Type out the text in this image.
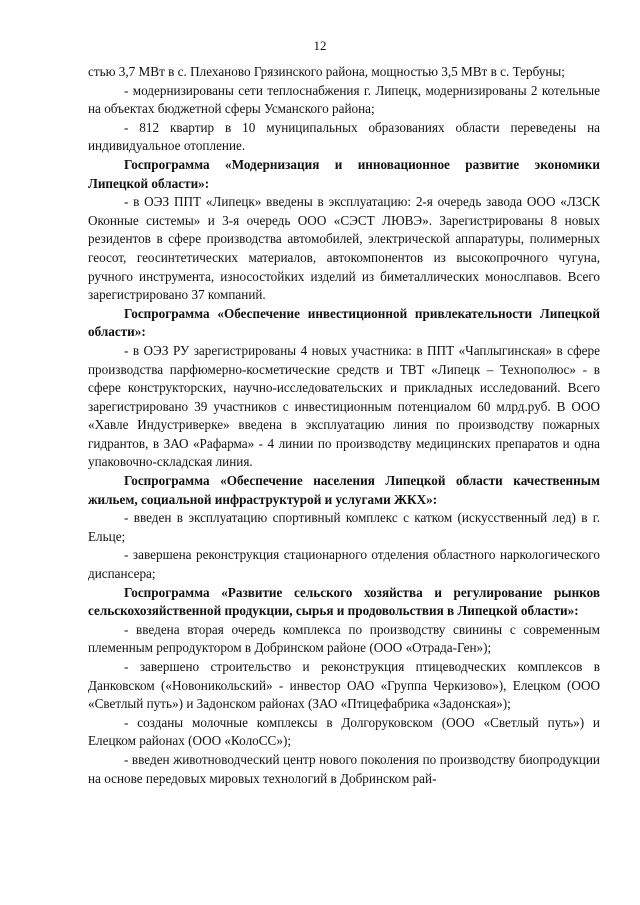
12

стью 3,7 МВт в с. Плеханово Грязинского района, мощностью 3,5 МВт в с. Тербуны;

- модернизированы сети теплоснабжения г. Липецк, модернизированы 2 котельные на объектах бюджетной сферы Усманского района;

- 812 квартир в 10 муниципальных образованиях области переведены на индивидуальное отопление.

Госпрограмма «Модернизация и инновационное развитие экономики Липецкой области»:

- в ОЭЗ ППТ «Липецк» введены в эксплуатацию: 2-я очередь завода ООО «ЛЗСК Оконные системы» и 3-я очередь ООО «СЭСТ ЛЮВЭ». Зарегистрированы 8 новых резидентов в сфере производства автомобилей, электрической аппаратуры, полимерных геосот, геосинтетических материалов, автокомпонентов из высокопрочного чугуна, ручного инструмента, износостойких изделий из биметаллических монослпавов. Всего зарегистрировано 37 компаний.

Госпрограмма «Обеспечение инвестиционной привлекательности Липецкой области»:

- в ОЭЗ РУ зарегистрированы 4 новых участника: в ППТ «Чаплыгинская» в сфере производства парфюмерно-косметические средств и ТВТ «Липецк – Технополюс» - в сфере конструкторских, научно-исследовательских и прикладных исследований. Всего зарегистрировано 39 участников с инвестиционным потенциалом 60 млрд.руб. В ООО «Хавле Индустриверке» введена в эксплуатацию линия по производству пожарных гидрантов, в ЗАО «Рафарма» - 4 линии по производству медицинских препаратов и одна упаковочно-складская линия.

Госпрограмма «Обеспечение населения Липецкой области качественным жильем, социальной инфраструктурой и услугами ЖКХ»:

- введен в эксплуатацию спортивный комплекс с катком (искусственный лед) в г. Ельце;

- завершена реконструкция стационарного отделения областного наркологического диспансера;

Госпрограмма «Развитие сельского хозяйства и регулирование рынков сельскохозяйственной продукции, сырья и продовольствия в Липецкой области»:

- введена вторая очередь комплекса по производству свинины с современным племенным репродуктором в Добринском районе (ООО «Отрада-Ген»);

- завершено строительство и реконструкция птицеводческих комплексов в Данковском («Новоникольский» - инвестор ОАО «Группа Черкизово»), Елецком (ООО «Светлый путь») и Задонском районах (ЗАО «Птицефабрика «Задонская»);

- созданы молочные комплексы в Долгоруковском (ООО «Светлый путь») и Елецком районах (ООО «КолоСС»);

- введен животноводческий центр нового поколения по производству биопродукции на основе передовых мировых технологий в Добринском рай-
